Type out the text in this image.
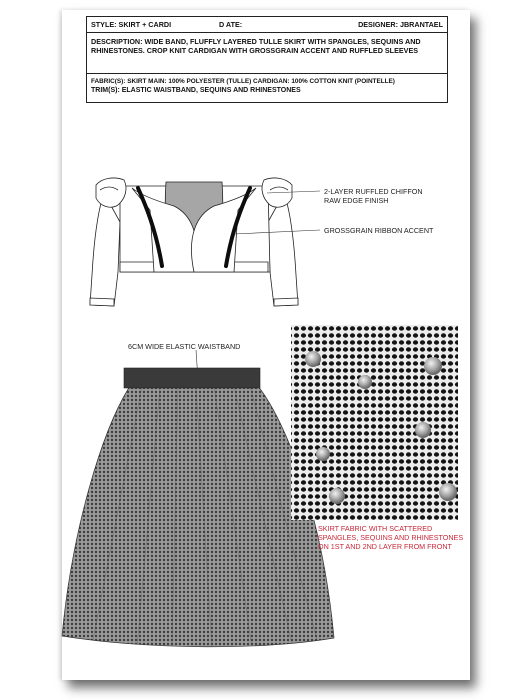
STYLE: SKIRT + CARDI	D ATE:	DESIGNER: JBRANTAEL
DESCRIPTION: WIDE BAND, FLUFFLY LAYERED TULLE SKIRT WITH SPANGLES, SEQUINS AND RHINESTONES. CROP KNIT CARDIGAN WITH GROSSGRAIN ACCENT AND RUFFLED SLEEVES
FABRIC(S): SKIRT MAIN: 100% POLYESTER (TULLE) CARDIGAN: 100% COTTON KNIT (POINTELLE)
TRIM(S): ELASTIC WAISTBAND, SEQUINS AND RHINESTONES
2-LAYER RUFFLED CHIFFON
RAW EDGE FINISH
GROSSGRAIN RIBBON ACCENT
6CM WIDE ELASTIC WAISTBAND
SKIRT FABRIC WITH SCATTERED
SPANGLES, SEQUINS AND RHINESTONES
ON 1ST AND 2ND LAYER FROM FRONT
